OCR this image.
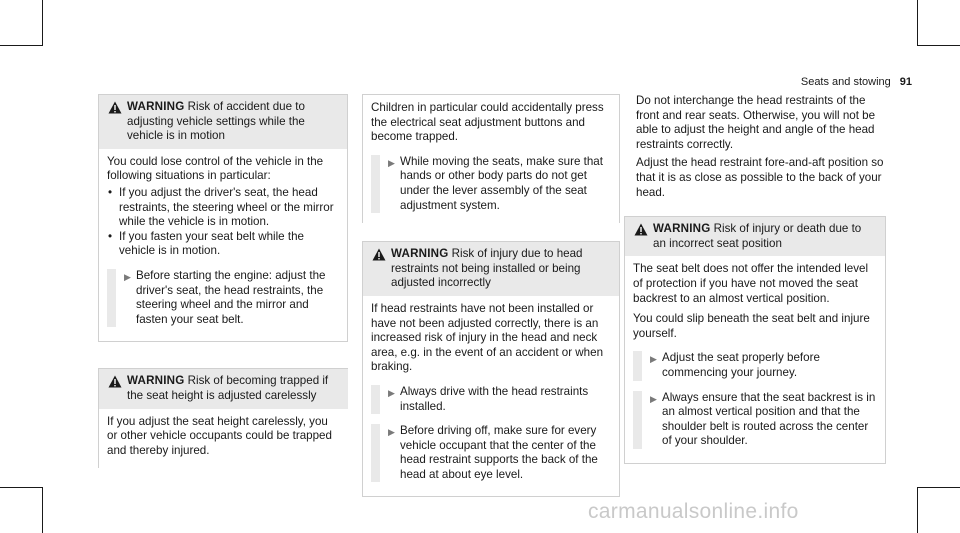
Seats and stowing 91
WARNING Risk of accident due to adjusting vehicle settings while the vehicle is in motion

You could lose control of the vehicle in the following situations in particular:

• If you adjust the driver's seat, the head restraints, the steering wheel or the mirror while the vehicle is in motion.
• If you fasten your seat belt while the vehicle is in motion.
▶ Before starting the engine: adjust the driver's seat, the head restraints, the steering wheel and the mirror and fasten your seat belt.
WARNING Risk of becoming trapped if the seat height is adjusted carelessly

If you adjust the seat height carelessly, you or other vehicle occupants could be trapped and thereby injured.

Children in particular could accidentally press the electrical seat adjustment buttons and become trapped.

▶ While moving the seats, make sure that hands or other body parts do not get under the lever assembly of the seat adjustment system.
WARNING Risk of injury due to head restraints not being installed or being adjusted incorrectly

If head restraints have not been installed or have not been adjusted correctly, there is an increased risk of injury in the head and neck area, e.g. in the event of an accident or when braking.

▶ Always drive with the head restraints installed.
▶ Before driving off, make sure for every vehicle occupant that the center of the head restraint supports the back of the head at about eye level.

Do not interchange the head restraints of the front and rear seats. Otherwise, you will not be able to adjust the height and angle of the head restraints correctly.

Adjust the head restraint fore-and-aft position so that it is as close as possible to the back of your head.

WARNING Risk of injury or death due to an incorrect seat position

The seat belt does not offer the intended level of protection if you have not moved the seat backrest to an almost vertical position.

You could slip beneath the seat belt and injure yourself.

▶ Adjust the seat properly before commencing your journey.
▶ Always ensure that the seat backrest is in an almost vertical position and that the shoulder belt is routed across the center of your shoulder.
carmanualsonline.info
